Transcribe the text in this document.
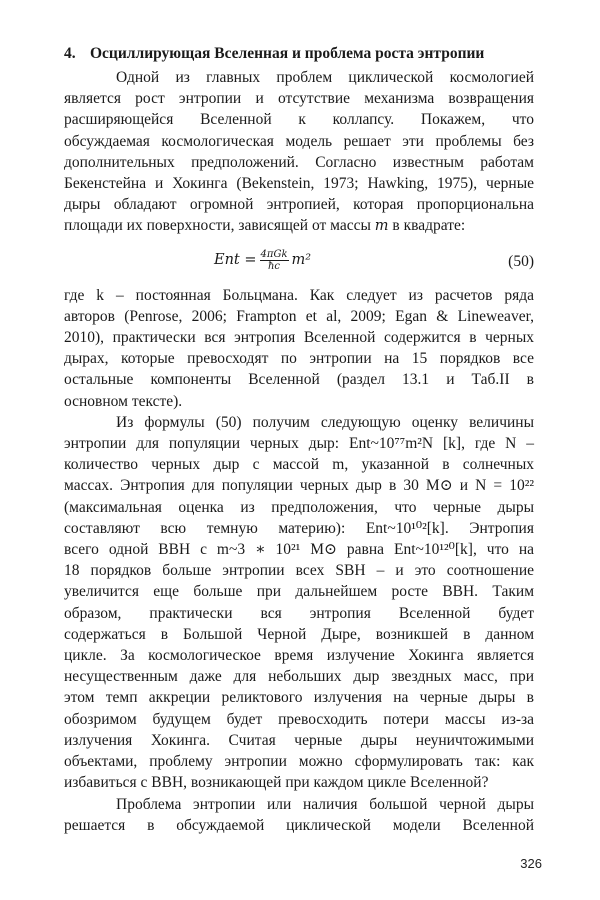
4. Осциллирующая Вселенная и проблема роста энтропии
Одной из главных проблем циклической космологией
является рост энтропии и отсутствие механизма возвращения
расширяющейся Вселенной к коллапсу. Покажем, что
обсуждаемая космологическая модель решает эти проблемы без
дополнительных предположений. Согласно известным работам
Бекенстейна и Хокинга (Bekenstein, 1973; Hawking, 1975), черные
дыры обладают огромной энтропией, которая пропорциональна
площади их поверхности, зависящей от массы m в квадрате:
Ent = $\frac{\text{4πGk}}{ħc} m^2$	(50)
где k – постоянная Больцмана. Как следует из расчетов ряда
авторов (Penrose, 2006; Frampton et al, 2009; Egan & Lineweaver,
2010), практически вся энтропия Вселенной содержится в черных
дырах, которые превосходят по энтропии на 15 порядков все
остальные компоненты Вселенной (раздел 13.1 и Таб.II в
основном тексте).
Из формулы (50) получим следующую оценку величины
энтропии для популяции черных дыр: Ent~10⁷⁷m²N [k], где N –
количество черных дыр с массой m, указанной в солнечных
массах. Энтропия для популяции черных дыр в 30 M⊙ и N = 10²²
(максимальная оценка из предположения, что черные дыры
составляют всю темную материю): Ent~10¹⁰²[k]. Энтропия
всего одной BBH с m~3 ∗ 10²¹ M⊙ равна Ent~10¹²⁰[k], что на
18 порядков больше энтропии всех SBH – и это соотношение
увеличится еще больше при дальнейшем росте BBH. Таким
образом, практически вся энтропия Вселенной будет
содержаться в Большой Черной Дыре, возникшей в данном
цикле. За космологическое время излучение Хокинга является
несущественным даже для небольших дыр звездных масс, при
этом темп аккреции реликтового излучения на черные дыры в
обозримом будущем будет превосходить потери массы из-за
излучения Хокинга. Считая черные дыры неуничтожимыми
объектами, проблему энтропии можно сформулировать так: как
избавиться с BBH, возникающей при каждом цикле Вселенной?
Проблема энтропии или наличия большой черной дыры
решается в обсуждаемой циклической модели Вселенной
326
